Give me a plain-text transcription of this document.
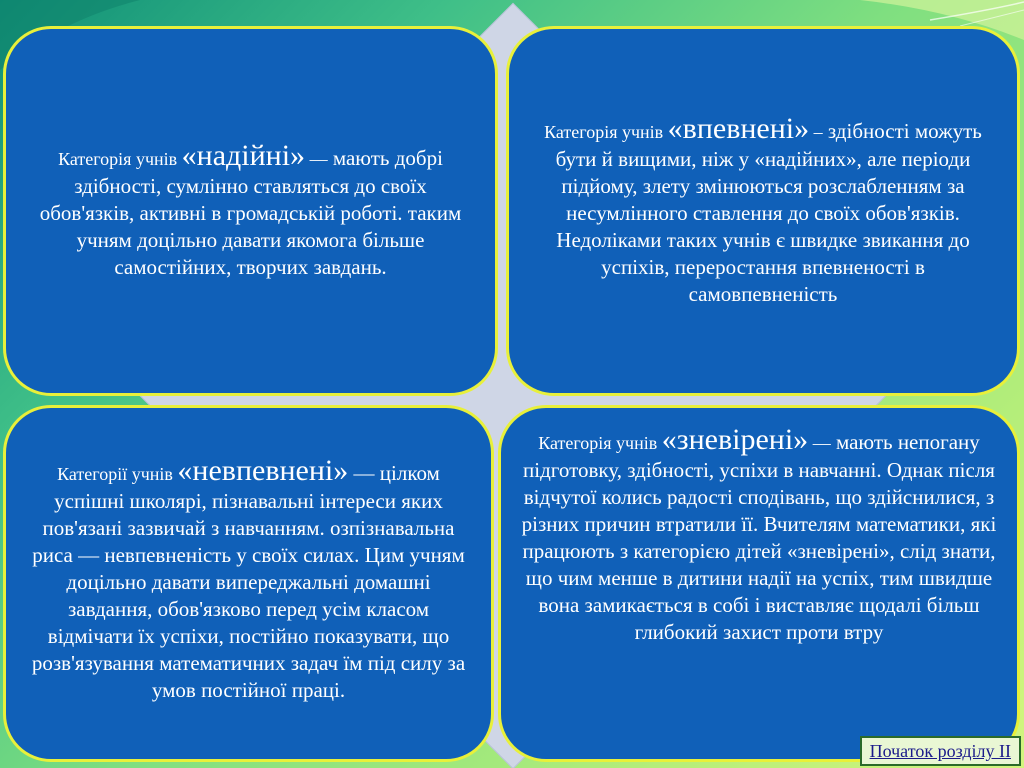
Категорія учнів «надійні» — мають добрі здібності, сумлінно ставляться до своїх обов'язків, активні в громадській роботі. таким учням доцільно давати якомога більше самостійних, творчих завдань.

Категорія учнів «впевнені» – здібності можуть бути й вищими, ніж у «надійних», але періоди підйому, злету змінюються розслабленням за несумлінного ставлення до своїх обов'язків. Недоліками таких учнів є швидке звикання до успіхів, переростання впевненості в самовпевненість

Категорії учнів «невпевнені» — цілком успішні школярі, пізнавальні інтереси яких пов'язані зазвичай з навчанням. озпізнавальна риса — невпевненість у своїх силах. Цим учням доцільно давати випереджальні домашні завдання, обов'язково перед усім класом відмічати їх успіхи, постійно показувати, що розв'язування математичних задач їм під силу за умов постійної праці.

Категорія учнів «зневірені» — мають непогану підготовку, здібності, успіхи в навчанні. Однак після відчутої колись радості сподівань, що здійснилися, з різних причин втратили її. Вчителям математики, які працюють з категорією дітей «зневірені», слід знати, що чим менше в дитини надії на успіх, тим швидше вона замикається в собі і виставляє щодалі більш глибокий захист проти втру

Початок розділу ІІ
